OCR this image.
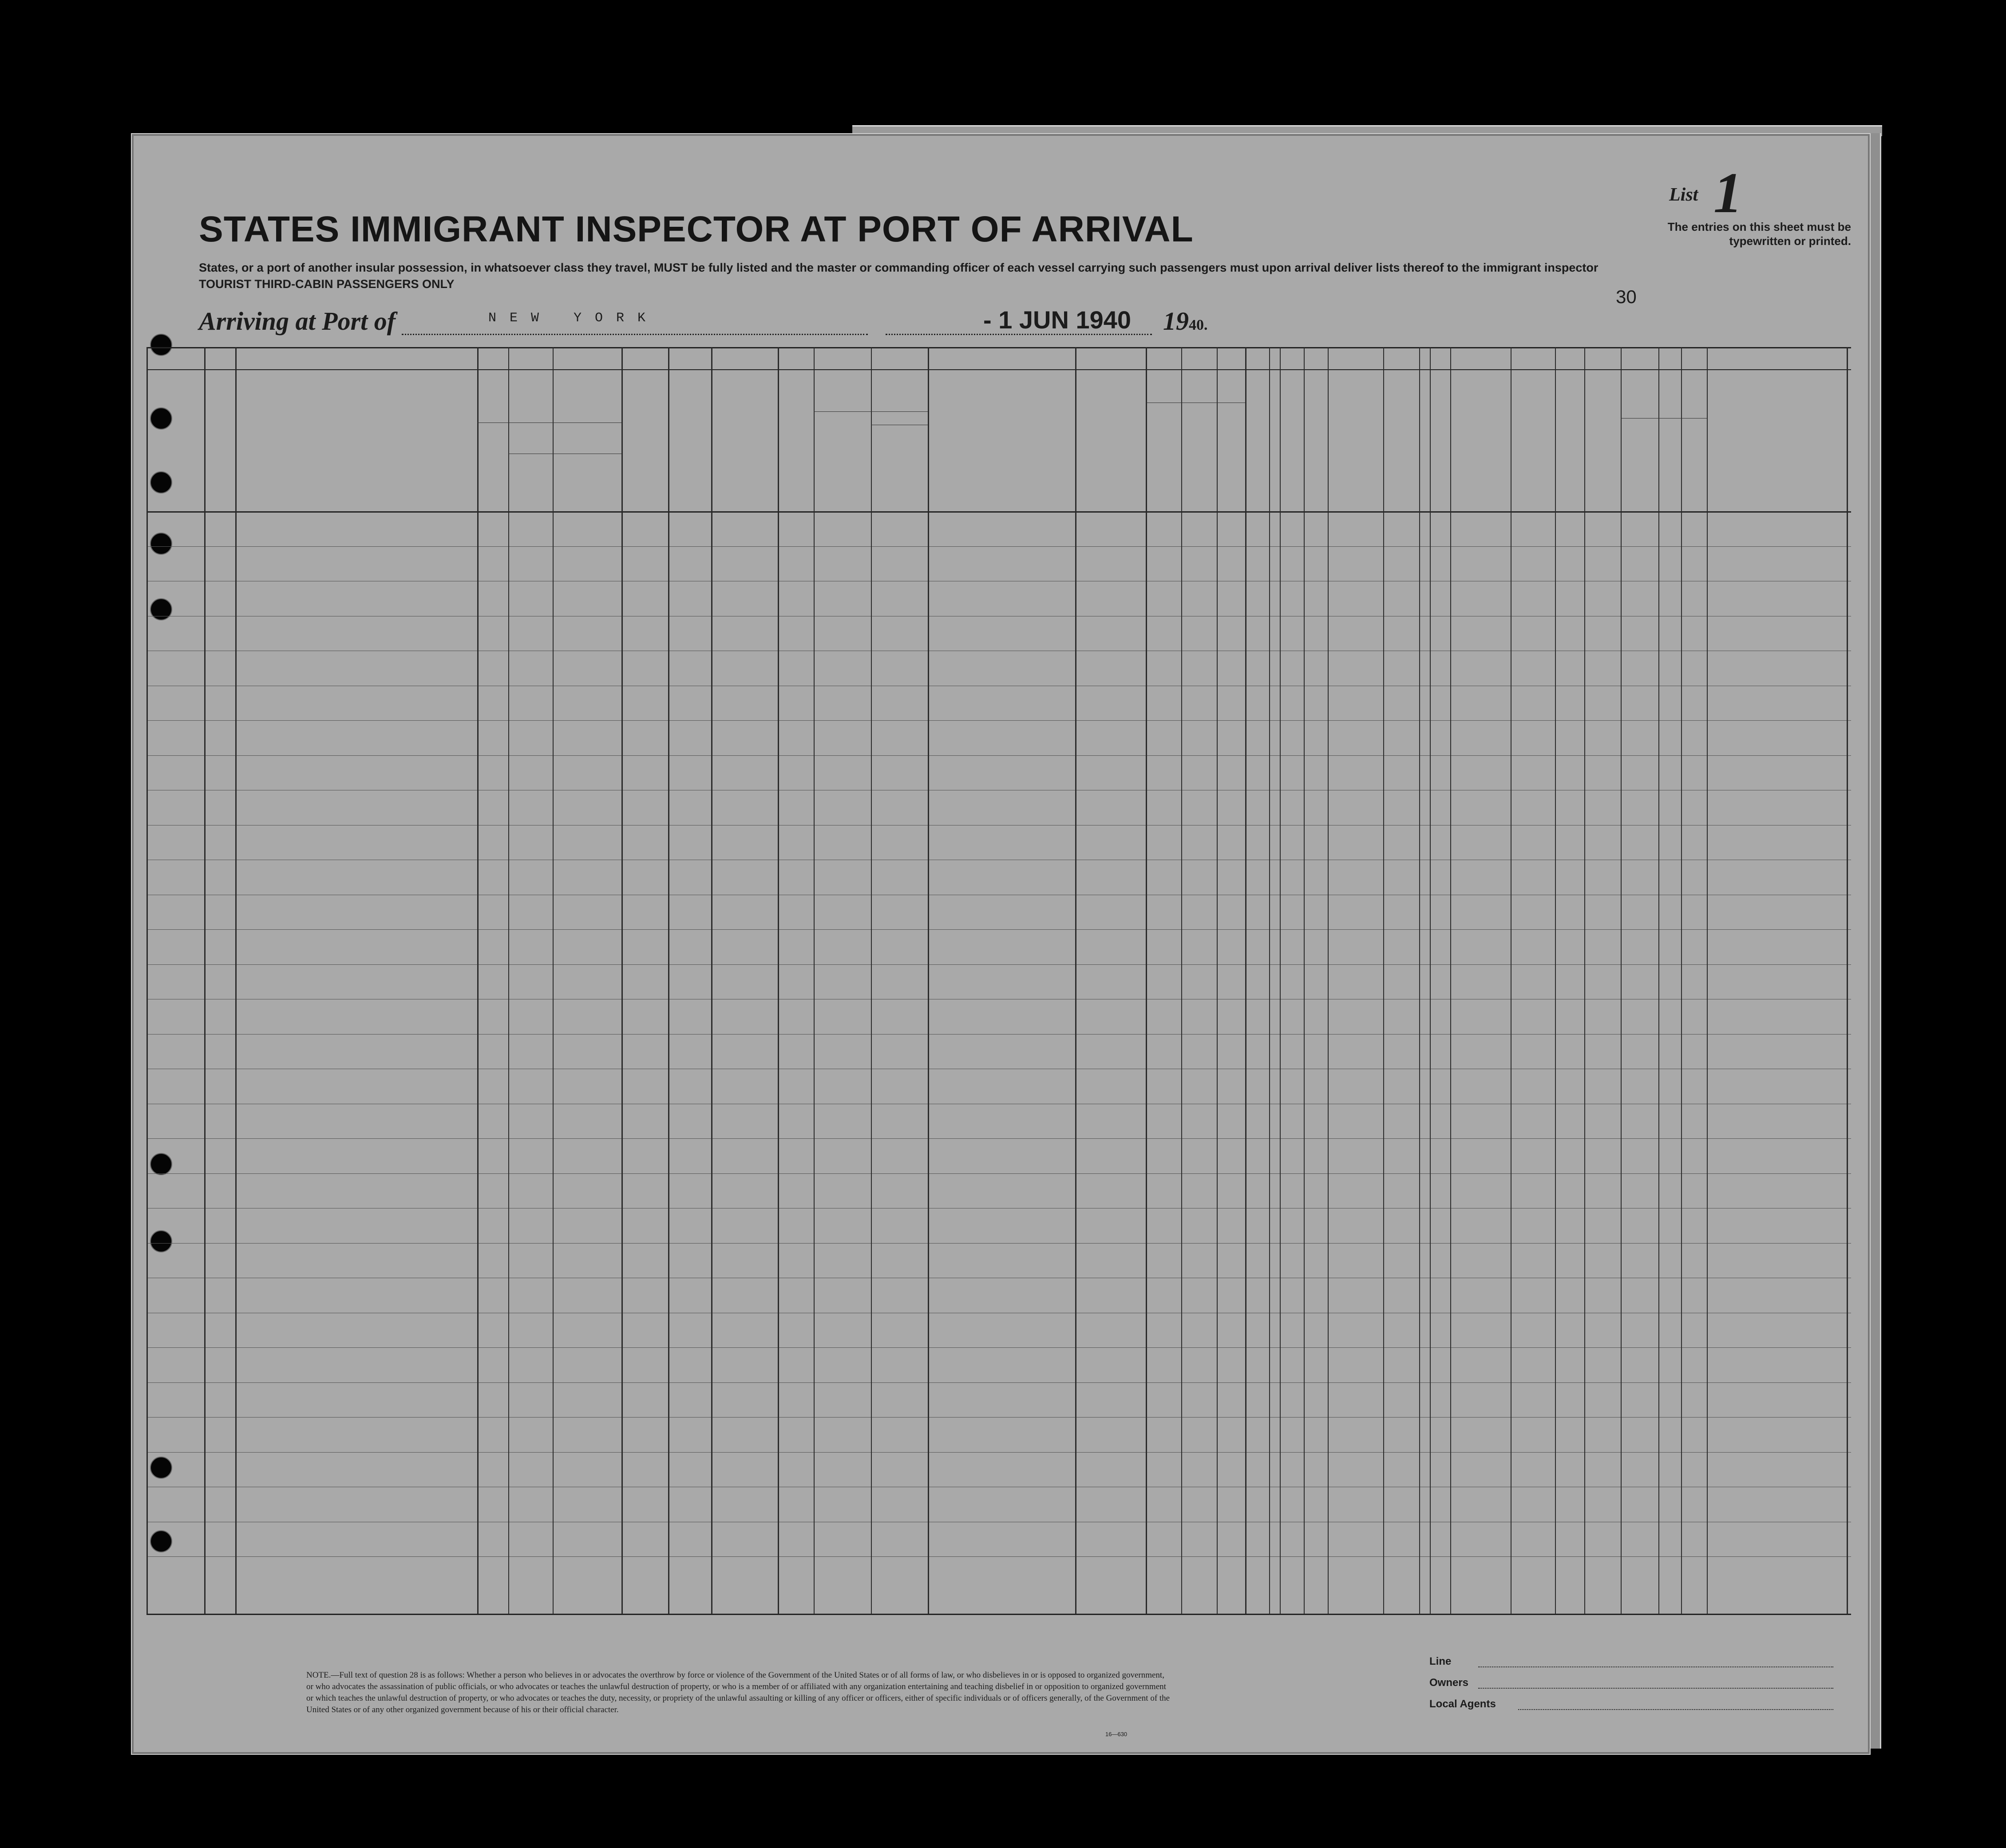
STATES IMMIGRANT INSPECTOR AT PORT OF ARRIVAL
States, or a port of another insular possession, in whatsoever class they travel, MUST be fully listed and the master or commanding officer of each vessel carrying such passengers must upon arrival deliver lists thereof to the immigrant inspector
TOURIST THIRD-CABIN PASSENGERS ONLY
List 1
The entries on this sheet must be typewritten or printed.
30
Arriving at Port of	NEW YORK	- 1 JUN 1940 1940.
NOTE.—Full text of question 28 is as follows: Whether a person who believes in or advocates the overthrow by force or violence of the Government of the United States or of all forms of law, or who disbelieves in or is opposed to organized government, or who advocates the assassination of public officials, or who advocates or teaches the unlawful destruction of property, or who is a member of or affiliated with any organization entertaining and teaching disbelief in or opposition to organized government or which teaches the unlawful destruction of property, or who advocates or teaches the duty, necessity, or propriety of the unlawful assaulting or killing of any officer or officers, either of specific individuals or of officers generally, of the Government of the United States or of any other organized government because of his or their official character.
16—630
Line
Owners
Local Agents
